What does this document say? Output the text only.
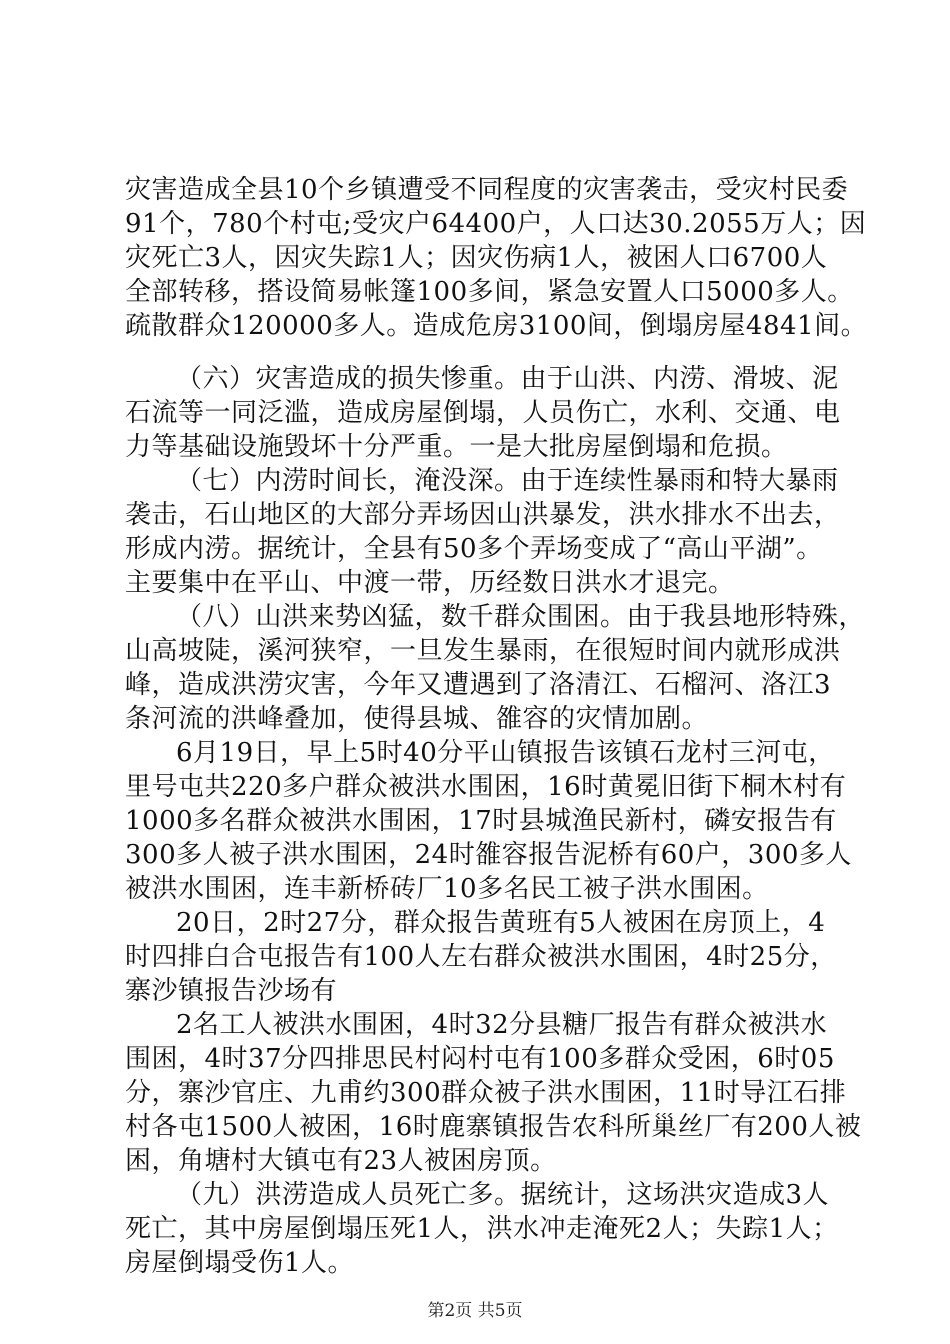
灾害造成全县10个乡镇遭受不同程度的灾害袭击，受灾村民委
91个，780个村屯;受灾户64400户，人口达30.2055万人；因
灾死亡3人，因灾失踪1人；因灾伤病1人，被困人口6700人
全部转移，搭设简易帐篷100多间，紧急安置人口5000多人。
疏散群众120000多人。造成危房3100间，倒塌房屋4841间。
（六）灾害造成的损失惨重。由于山洪、内涝、滑坡、泥
石流等一同泛滥，造成房屋倒塌，人员伤亡，水利、交通、电
力等基础设施毁坏十分严重。一是大批房屋倒塌和危损。
（七）内涝时间长，淹没深。由于连续性暴雨和特大暴雨
袭击，石山地区的大部分弄场因山洪暴发，洪水排水不出去，
形成内涝。据统计，全县有50多个弄场变成了“高山平湖”。
主要集中在平山、中渡一带，历经数日洪水才退完。
（八）山洪来势凶猛，数千群众围困。由于我县地形特殊，
山高坡陡，溪河狭窄，一旦发生暴雨，在很短时间内就形成洪
峰，造成洪涝灾害，今年又遭遇到了洛清江、石榴河、洛江3
条河流的洪峰叠加，使得县城、雒容的灾情加剧。
6月19日，早上5时40分平山镇报告该镇石龙村三河屯，
里号屯共220多户群众被洪水围困，16时黄冕旧街下桐木村有
1000多名群众被洪水围困，17时县城渔民新村，磷安报告有
300多人被子洪水围困，24时雒容报告泥桥有60户，300多人
被洪水围困，连丰新桥砖厂10多名民工被子洪水围困。
20日，2时27分，群众报告黄班有5人被困在房顶上，4
时四排白合屯报告有100人左右群众被洪水围困，4时25分，
寨沙镇报告沙场有
2名工人被洪水围困，4时32分县糖厂报告有群众被洪水
围困，4时37分四排思民村闷村屯有100多群众受困，6时05
分，寨沙官庄、九甫约300群众被子洪水围困，11时导江石排
村各屯1500人被困，16时鹿寨镇报告农科所巢丝厂有200人被
困，角塘村大镇屯有23人被困房顶。
（九）洪涝造成人员死亡多。据统计，这场洪灾造成3人
死亡，其中房屋倒塌压死1人，洪水冲走淹死2人；失踪1人；
房屋倒塌受伤1人。
第2页 共5页
